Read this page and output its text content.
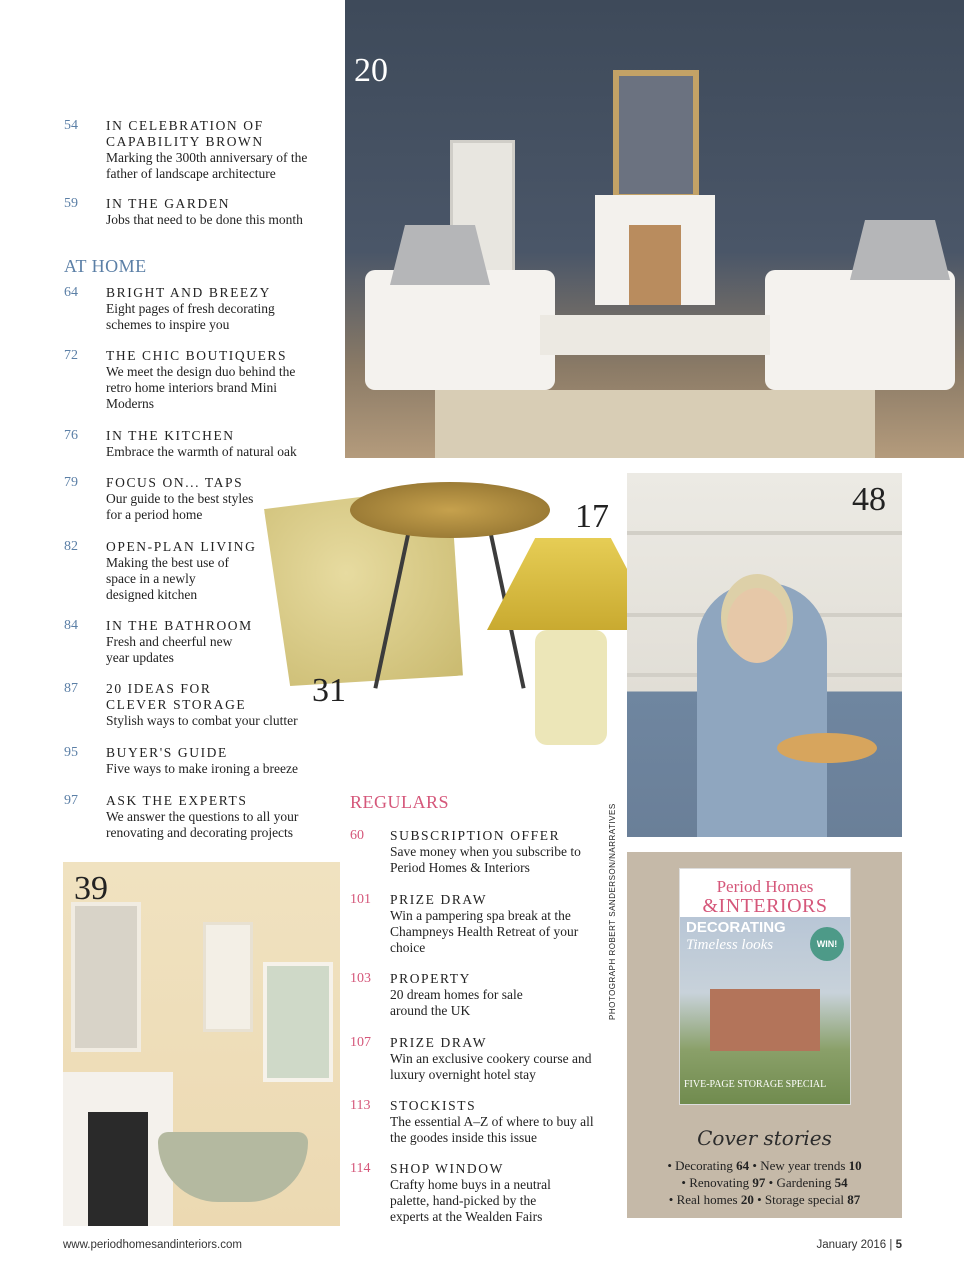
54 IN CELEBRATION OF CAPABILITY BROWN
Marking the 300th anniversary of the father of landscape architecture
59 IN THE GARDEN
Jobs that need to be done this month
AT HOME
64 BRIGHT AND BREEZY
Eight pages of fresh decorating schemes to inspire you
72 THE CHIC BOUTIQUERS
We meet the design duo behind the retro home interiors brand Mini Moderns
76 IN THE KITCHEN
Embrace the warmth of natural oak
79 FOCUS ON... TAPS
Our guide to the best styles for a period home
82 OPEN-PLAN LIVING
Making the best use of space in a newly designed kitchen
84 IN THE BATHROOM
Fresh and cheerful new year updates
87 20 IDEAS FOR CLEVER STORAGE
Stylish ways to combat your clutter
95 BUYER'S GUIDE
Five ways to make ironing a breeze
97 ASK THE EXPERTS
We answer the questions to all your renovating and decorating projects
20
17
31
48
REGULARS
60 SUBSCRIPTION OFFER
Save money when you subscribe to Period Homes & Interiors
101 PRIZE DRAW
Win a pampering spa break at the Champneys Health Retreat of your choice
103 PROPERTY
20 dream homes for sale around the UK
107 PRIZE DRAW
Win an exclusive cookery course and luxury overnight hotel stay
113 STOCKISTS
The essential A–Z of where to buy all the goodes inside this issue
114 SHOP WINDOW
Crafty home buys in a neutral palette, hand-picked by the experts at the Wealden Fairs
39	PHOTOGRAPH ROBERT SANDERSON/NARRATIVES	Period Homes
&INTERIORS
DECORATING
Timeless looks	WIN!
FIVE-PAGE STORAGE SPECIAL
Cover stories
• Decorating 64 • New year trends 10
• Renovating 97 • Gardening 54
• Real homes 20 • Storage special 87
www.periodhomesandinteriors.com	January 2016 | 5
